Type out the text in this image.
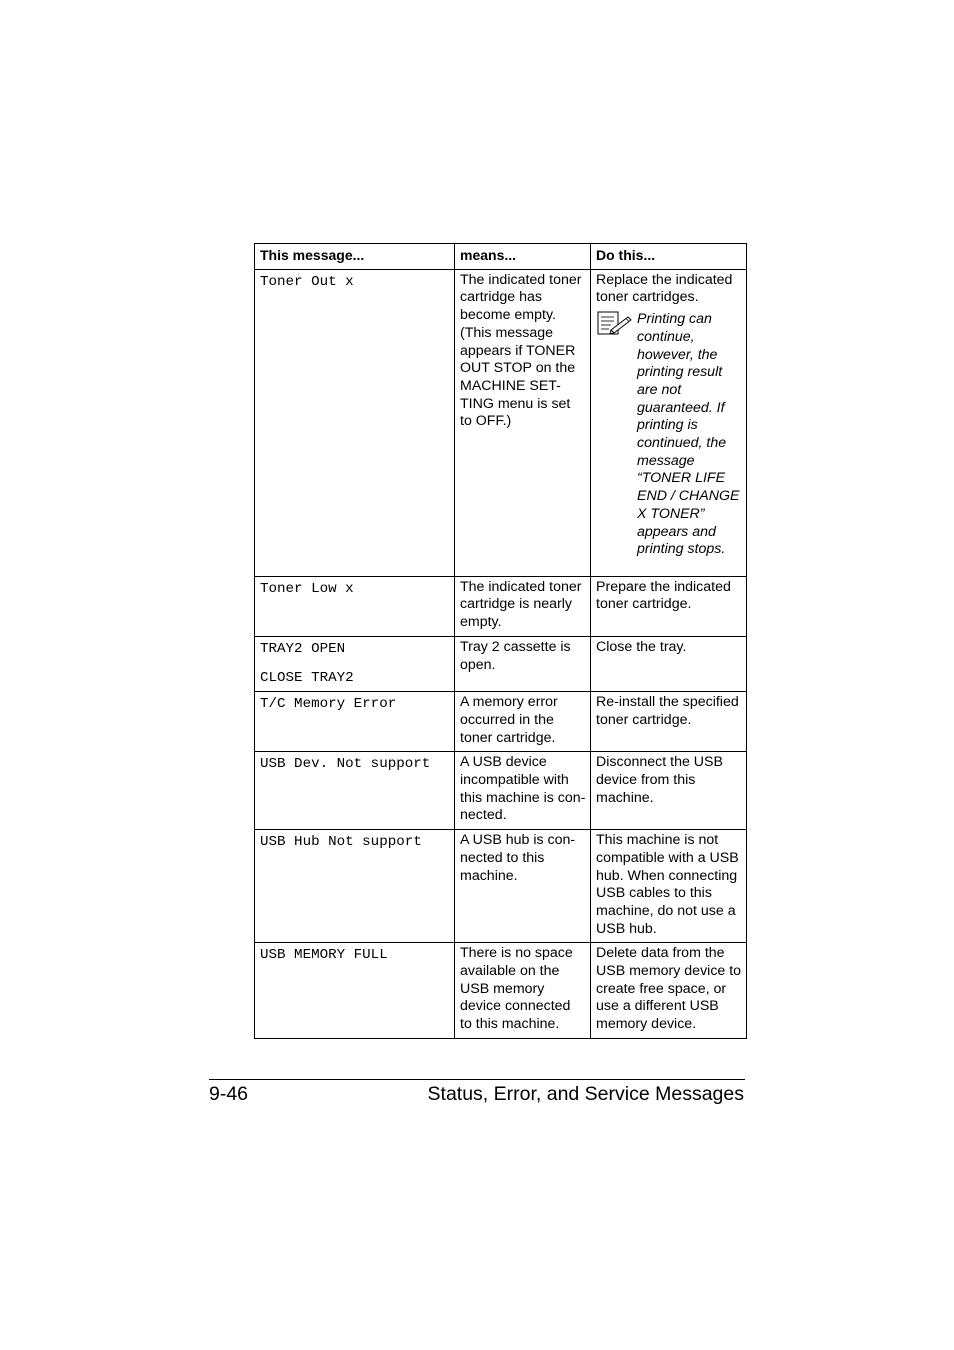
This message...	means...	Do this...

Toner Out x	The indicated toner cartridge has become empty. (This message appears if TONER OUT STOP on the MACHINE SET-TING menu is set to OFF.)	Replace the indicated toner cartridges.
Printing can continue, however, the printing result are not guaranteed. If printing is continued, the message “TONER LIFE END / CHANGE X TONER” appears and printing stops.

Toner Low x	The indicated toner cartridge is nearly empty.	Prepare the indicated toner cartridge.

TRAY2 OPEN
CLOSE TRAY2	Tray 2 cassette is open.	Close the tray.

T/C Memory Error	A memory error occurred in the toner cartridge.	Re-install the specified toner cartridge.

USB Dev. Not support	A USB device incompatible with this machine is con-nected.	Disconnect the USB device from this machine.

USB Hub Not support	A USB hub is con-nected to this machine.	This machine is not compatible with a USB hub. When connecting USB cables to this machine, do not use a USB hub.

USB MEMORY FULL	There is no space available on the USB memory device connected to this machine.	Delete data from the USB memory device to create free space, or use a different USB memory device.
9-46	Status, Error, and Service Messages
